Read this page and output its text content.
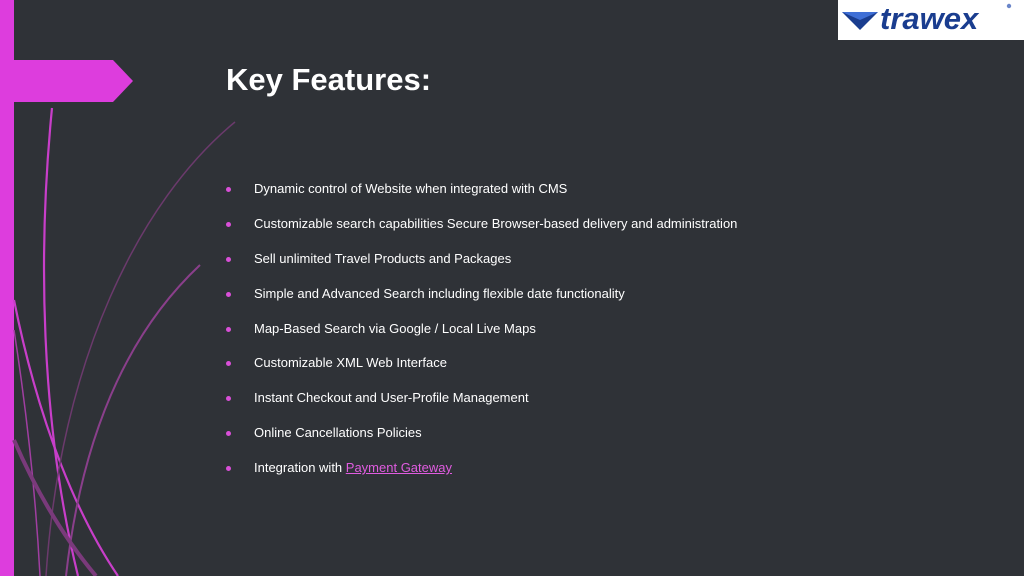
trawex
Key Features:
Dynamic control of Website when integrated with CMS
Customizable search capabilities Secure Browser-based delivery and administration
Sell unlimited Travel Products and Packages
Simple and Advanced Search including flexible date functionality
Map-Based Search via Google / Local Live Maps
Customizable XML Web Interface
Instant Checkout and User-Profile Management
Online Cancellations Policies
Integration with Payment Gateway
